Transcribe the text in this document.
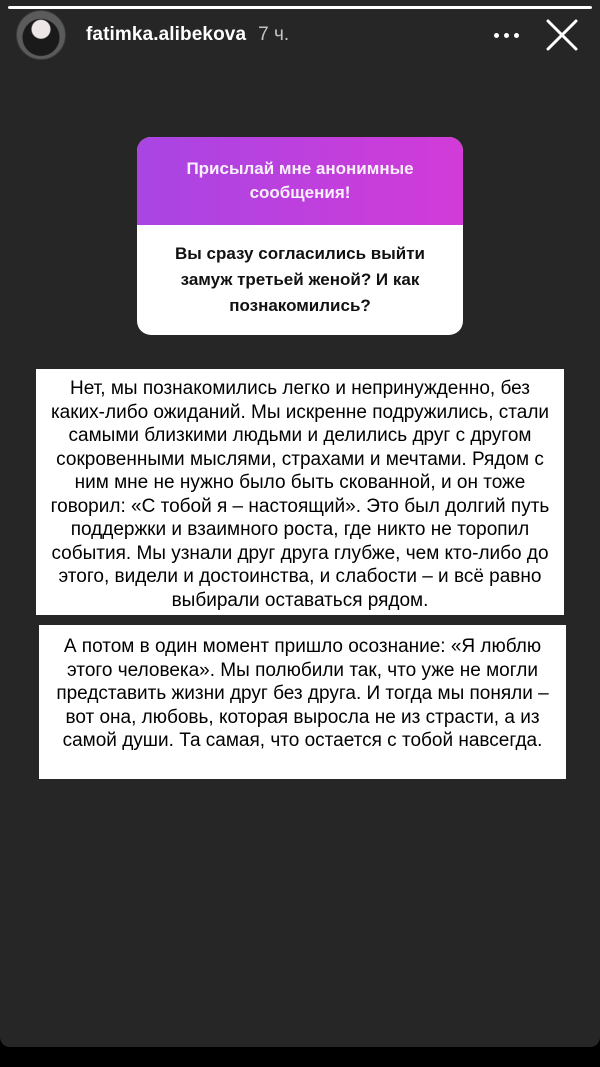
fatimka.alibekova 7 ч.
Присылай мне анонимные сообщения!
Вы сразу согласились выйти замуж третьей женой? И как познакомились?
Нет, мы познакомились легко и непринужденно, без каких-либо ожиданий. Мы искренне подружились, стали самыми близкими людьми и делились друг с другом сокровенными мыслями, страхами и мечтами. Рядом с ним мне не нужно было быть скованной, и он тоже говорил: «С тобой я – настоящий». Это был долгий путь поддержки и взаимного роста, где никто не торопил события. Мы узнали друг друга глубже, чем кто-либо до этого, видели и достоинства, и слабости – и всё равно выбирали оставаться рядом.
А потом в один момент пришло осознание: «Я люблю этого человека». Мы полюбили так, что уже не могли представить жизни друг без друга. И тогда мы поняли – вот она, любовь, которая выросла не из страсти, а из самой души. Та самая, что остается с тобой навсегда.
